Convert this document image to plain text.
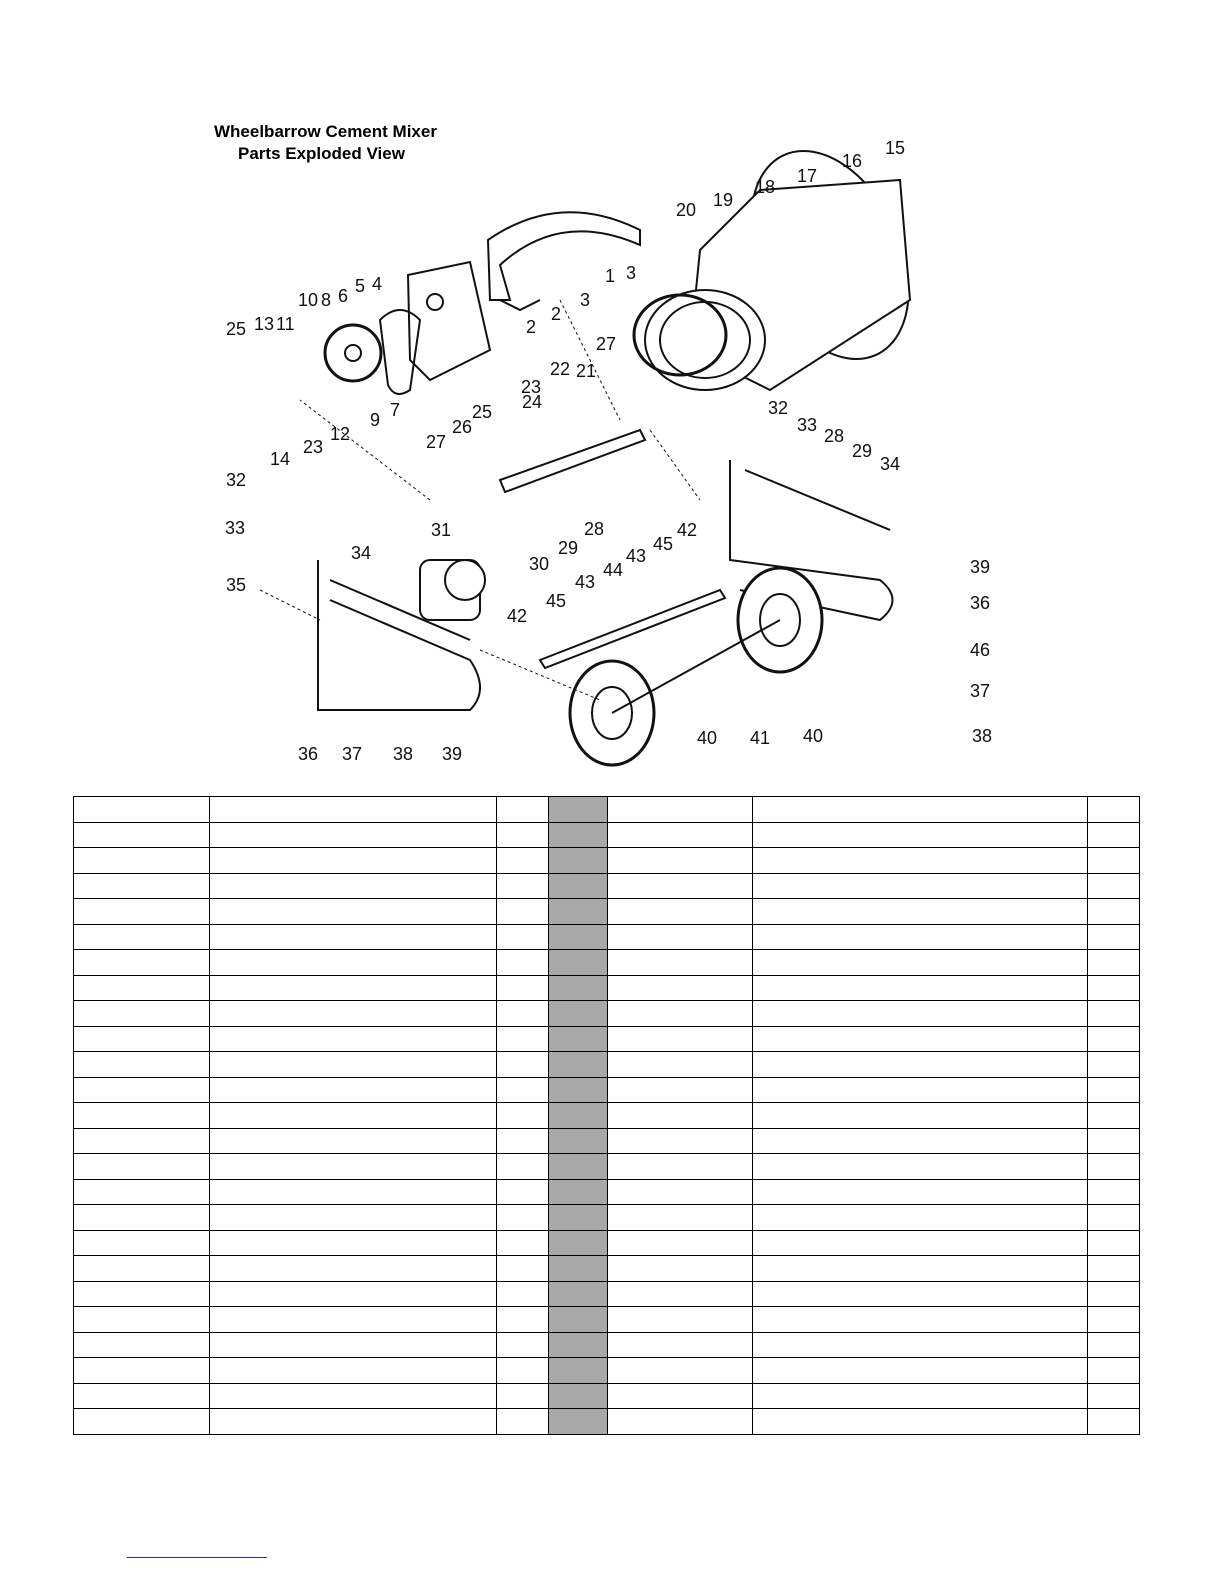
Wheelbarrow Cement Mixer
Parts Exploded View
1
2
2
3
3
4
5
6
7
8
9
10
11
12
13
14
15
16
17
18
19
20
21
22
23
23
24
25
25
26
27
27	28
28
29
29
30
31
32
32
33
33
34
34
35
36
36
37
37
38
38
39
39
40	40
41
42
42
43
43
44
45
45
46
